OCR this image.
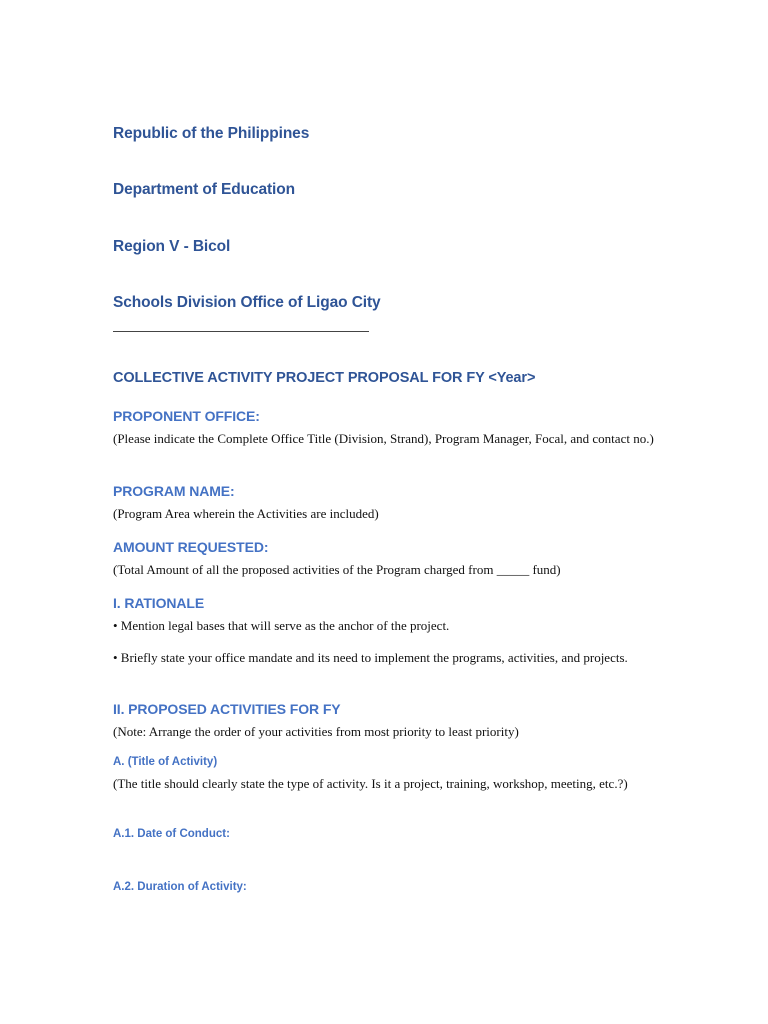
Republic of the Philippines
Department of Education
Region V - Bicol
Schools Division Office of Ligao City
COLLECTIVE ACTIVITY PROJECT PROPOSAL FOR FY <Year>
PROPONENT OFFICE:
(Please indicate the Complete Office Title (Division, Strand), Program Manager, Focal, and contact no.)
PROGRAM NAME:
(Program Area wherein the Activities are included)
AMOUNT REQUESTED:
(Total Amount of all the proposed activities of the Program charged from _____ fund)
I. RATIONALE
• Mention legal bases that will serve as the anchor of the project.
• Briefly state your office mandate and its need to implement the programs, activities, and projects.
II. PROPOSED ACTIVITIES FOR FY
(Note: Arrange the order of your activities from most priority to least priority)
A. (Title of Activity)
(The title should clearly state the type of activity. Is it a project, training, workshop, meeting, etc.?)
A.1. Date of Conduct:
A.2. Duration of Activity:
